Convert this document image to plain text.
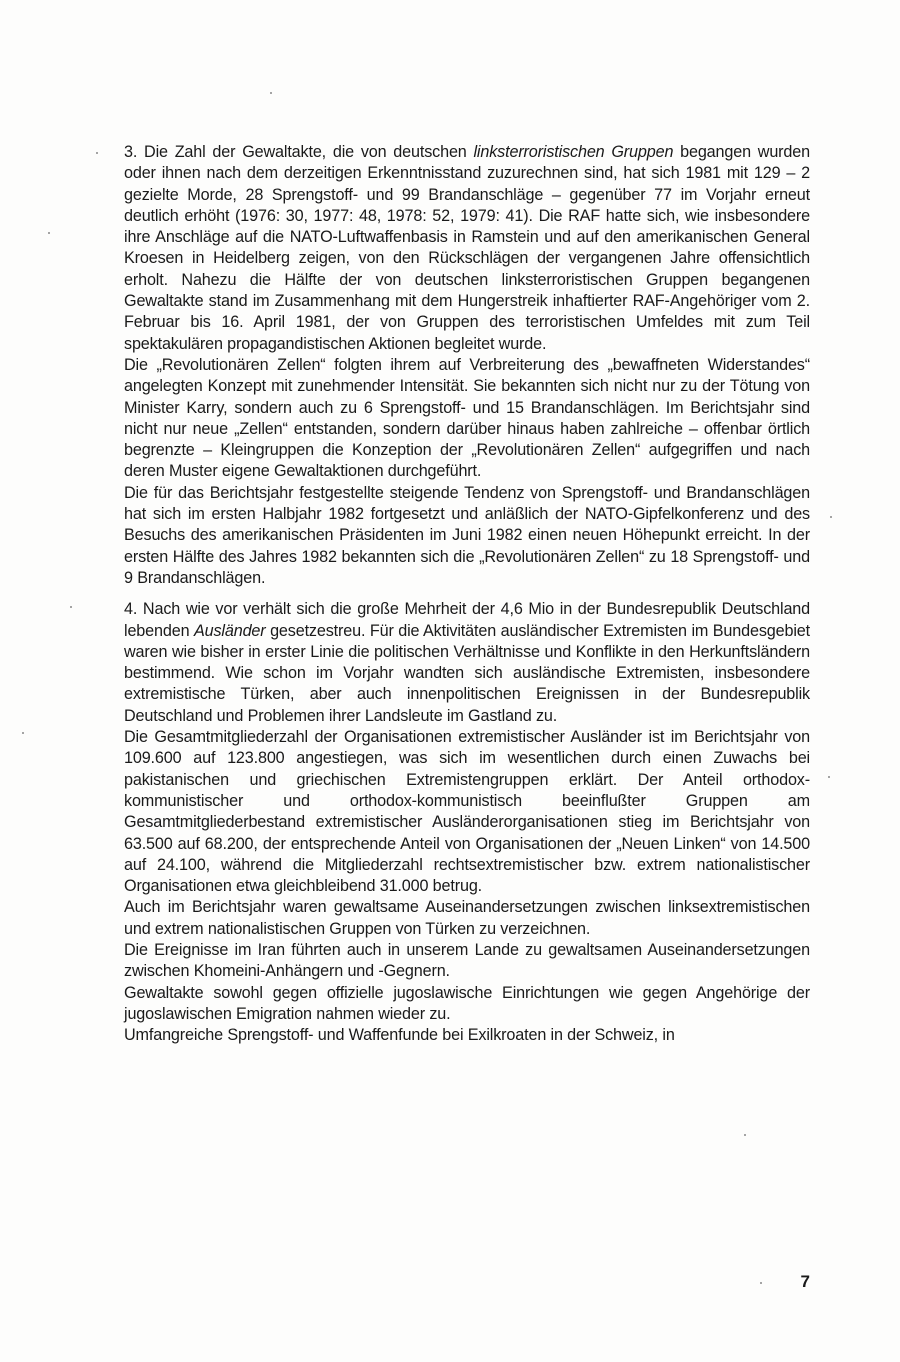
3. Die Zahl der Gewaltakte, die von deutschen linksterroristischen Gruppen begangen wurden oder ihnen nach dem derzeitigen Erkenntnisstand zuzurechnen sind, hat sich 1981 mit 129 – 2 gezielte Morde, 28 Sprengstoff- und 99 Brandanschläge – gegenüber 77 im Vorjahr erneut deutlich erhöht (1976: 30, 1977: 48, 1978: 52, 1979: 41). Die RAF hatte sich, wie insbesondere ihre Anschläge auf die NATO-Luftwaffenbasis in Ramstein und auf den amerikanischen General Kroesen in Heidelberg zeigen, von den Rückschlägen der vergangenen Jahre offensichtlich erholt. Nahezu die Hälfte der von deutschen linksterroristischen Gruppen begangenen Gewaltakte stand im Zusammenhang mit dem Hungerstreik inhaftierter RAF-Angehöriger vom 2. Februar bis 16. April 1981, der von Gruppen des terroristischen Umfeldes mit zum Teil spektakulären propagandistischen Aktionen begleitet wurde.

Die „Revolutionären Zellen“ folgten ihrem auf Verbreiterung des „bewaffneten Widerstandes“ angelegten Konzept mit zunehmender Intensität. Sie bekannten sich nicht nur zu der Tötung von Minister Karry, sondern auch zu 6 Sprengstoff- und 15 Brandanschlägen. Im Berichtsjahr sind nicht nur neue „Zellen“ entstanden, sondern darüber hinaus haben zahlreiche – offenbar örtlich begrenzte – Kleingruppen die Konzeption der „Revolutionären Zellen“ aufgegriffen und nach deren Muster eigene Gewaltaktionen durchgeführt.

Die für das Berichtsjahr festgestellte steigende Tendenz von Sprengstoff- und Brandanschlägen hat sich im ersten Halbjahr 1982 fortgesetzt und anläßlich der NATO-Gipfelkonferenz und des Besuchs des amerikanischen Präsidenten im Juni 1982 einen neuen Höhepunkt erreicht. In der ersten Hälfte des Jahres 1982 bekannten sich die „Revolutionären Zellen“ zu 18 Sprengstoff- und 9 Brandanschlägen.

4. Nach wie vor verhält sich die große Mehrheit der 4,6 Mio in der Bundesrepublik Deutschland lebenden Ausländer gesetzestreu. Für die Aktivitäten ausländischer Extremisten im Bundesgebiet waren wie bisher in erster Linie die politischen Verhältnisse und Konflikte in den Herkunftsländern bestimmend. Wie schon im Vorjahr wandten sich ausländische Extremisten, insbesondere extremistische Türken, aber auch innenpolitischen Ereignissen in der Bundesrepublik Deutschland und Problemen ihrer Landsleute im Gastland zu.

Die Gesamtmitgliederzahl der Organisationen extremistischer Ausländer ist im Berichtsjahr von 109.600 auf 123.800 angestiegen, was sich im wesentlichen durch einen Zuwachs bei pakistanischen und griechischen Extremistengruppen erklärt. Der Anteil orthodox-kommunistischer und orthodox-kommunistisch beeinflußter Gruppen am Gesamtmitgliederbestand extremistischer Ausländerorganisationen stieg im Berichtsjahr von 63.500 auf 68.200, der entsprechende Anteil von Organisationen der „Neuen Linken“ von 14.500 auf 24.100, während die Mitgliederzahl rechtsextremistischer bzw. extrem nationalistischer Organisationen etwa gleichbleibend 31.000 betrug.

Auch im Berichtsjahr waren gewaltsame Auseinandersetzungen zwischen linksextremistischen und extrem nationalistischen Gruppen von Türken zu verzeichnen.

Die Ereignisse im Iran führten auch in unserem Lande zu gewaltsamen Auseinandersetzungen zwischen Khomeini-Anhängern und -Gegnern.

Gewaltakte sowohl gegen offizielle jugoslawische Einrichtungen wie gegen Angehörige der jugoslawischen Emigration nahmen wieder zu.

Umfangreiche Sprengstoff- und Waffenfunde bei Exilkroaten in der Schweiz, in

7
